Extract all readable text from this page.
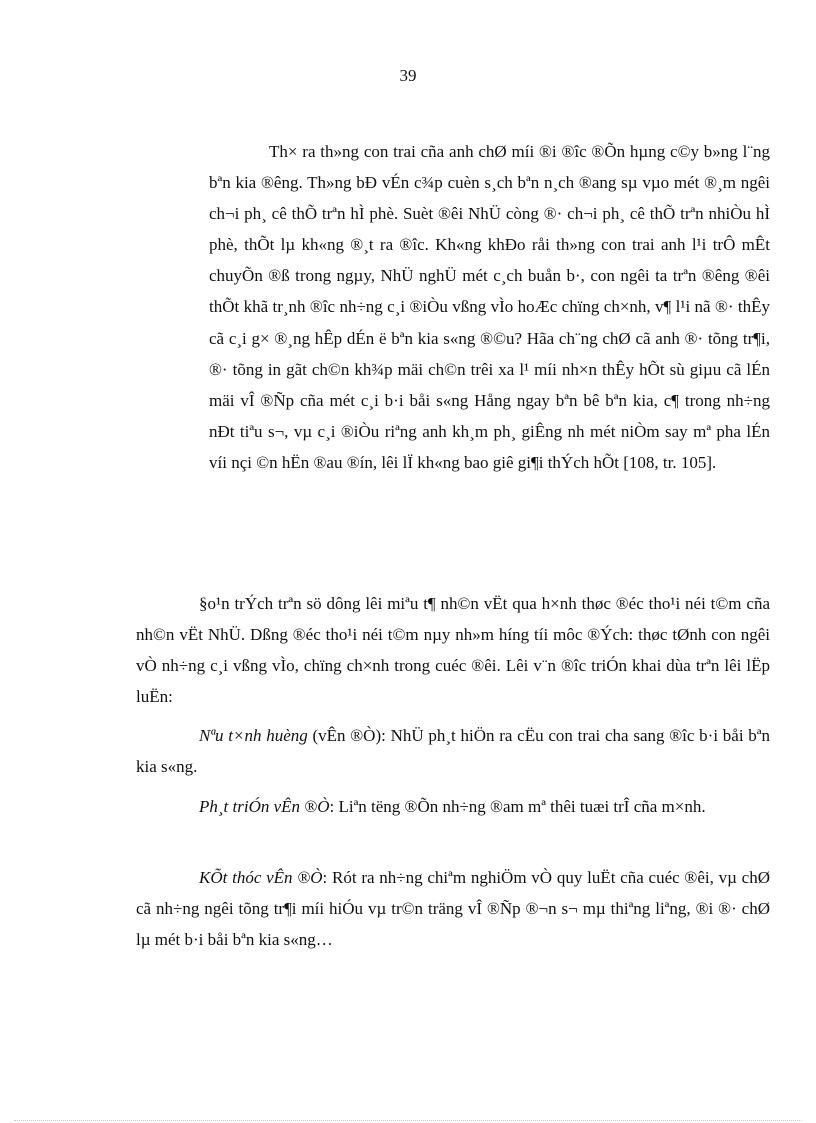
39
Th× ra th»ng con trai cña anh chØ míi ®i ®îc ®Õn hµng c©y b»ng l¨ng bªn kia ®êng. Th»ng bÐ vÉn c¾p cuèn s¸ch bªn n¸ch ®ang sµ vµo mét ®¸m ngêi ch¬i ph¸ cê thÕ trªn hÌ phè. Suèt ®êi NhÜ còng ®· ch¬i ph¸ cê thÕ trªn nhiÒu hÌ phè, thÕt lµ kh«ng ®¸t ra ®îc. Kh«ng khÐo råi th»ng con trai anh l¹i trÔ mÊt chuyÕn ®ß trong ngµy, NhÜ nghÜ mét c¸ch buån b·, con ngêi ta trªn ®êng ®êi thÕt khã tr¸nh ®îc nh÷ng c¸i ®iÒu vßng vÌo hoÆc chïng ch×nh, v¶ l¹i nã ®· thÊy cã c¸i g× ®¸ng hÊp dÉn ë bªn kia s«ng ®©u? Hãa ch¨ng chØ cã anh ®· tõng tr¶i, ®· tõng in gãt ch©n kh¾p mäi ch©n trêi xa l¹ míi nh×n thÊy hÕt sù giµu cã lÉn mäi vÎ ®Ñp cña mét c¸i b·i båi s«ng Hång ngay bªn bê bªn kia, c¶ trong nh÷ng nÐt tiªu s¬, vµ c¸i ®iÒu riªng anh kh¸m ph¸ giÊng nh mét niÒm say mª pha lÉn víi nçi ©n hËn ®au ®ín, lêi lÏ kh«ng bao giê gi¶i thÝch hÕt [108, tr. 105].

§o¹n trÝch trªn sö dông lêi miªu t¶ nh©n vËt qua h×nh thøc ®éc tho¹i néi t©m cña nh©n vËt NhÜ. Dßng ®éc tho¹i néi t©m nµy nh»m híng tíi môc ®Ých: thøc tØnh con ngêi vÒ nh÷ng c¸i vßng vÌo, chïng ch×nh trong cuéc ®êi. Lêi v¨n ®îc triÓn khai dùa trªn lêi lËp luËn:

Nªu t×nh huèng (vÊn ®Ò): NhÜ ph¸t hiÖn ra cËu con trai cha sang ®îc b·i båi bªn kia s«ng.

Ph¸t triÓn vÊn ®Ò: Liªn tëng ®Õn nh÷ng ®am mª thêi tuæi trÎ cña m×nh.

KÕt thóc vÊn ®Ò: Rót ra nh÷ng chiªm nghiÖm vÒ quy luËt cña cuéc ®êi, vµ chØ cã nh÷ng ngêi tõng tr¶i míi hiÓu vµ tr©n träng vÎ ®Ñp ®¬n s¬ mµ thiªng liªng, ®i ®· chØ lµ mét b·i båi bªn kia s«ng…
